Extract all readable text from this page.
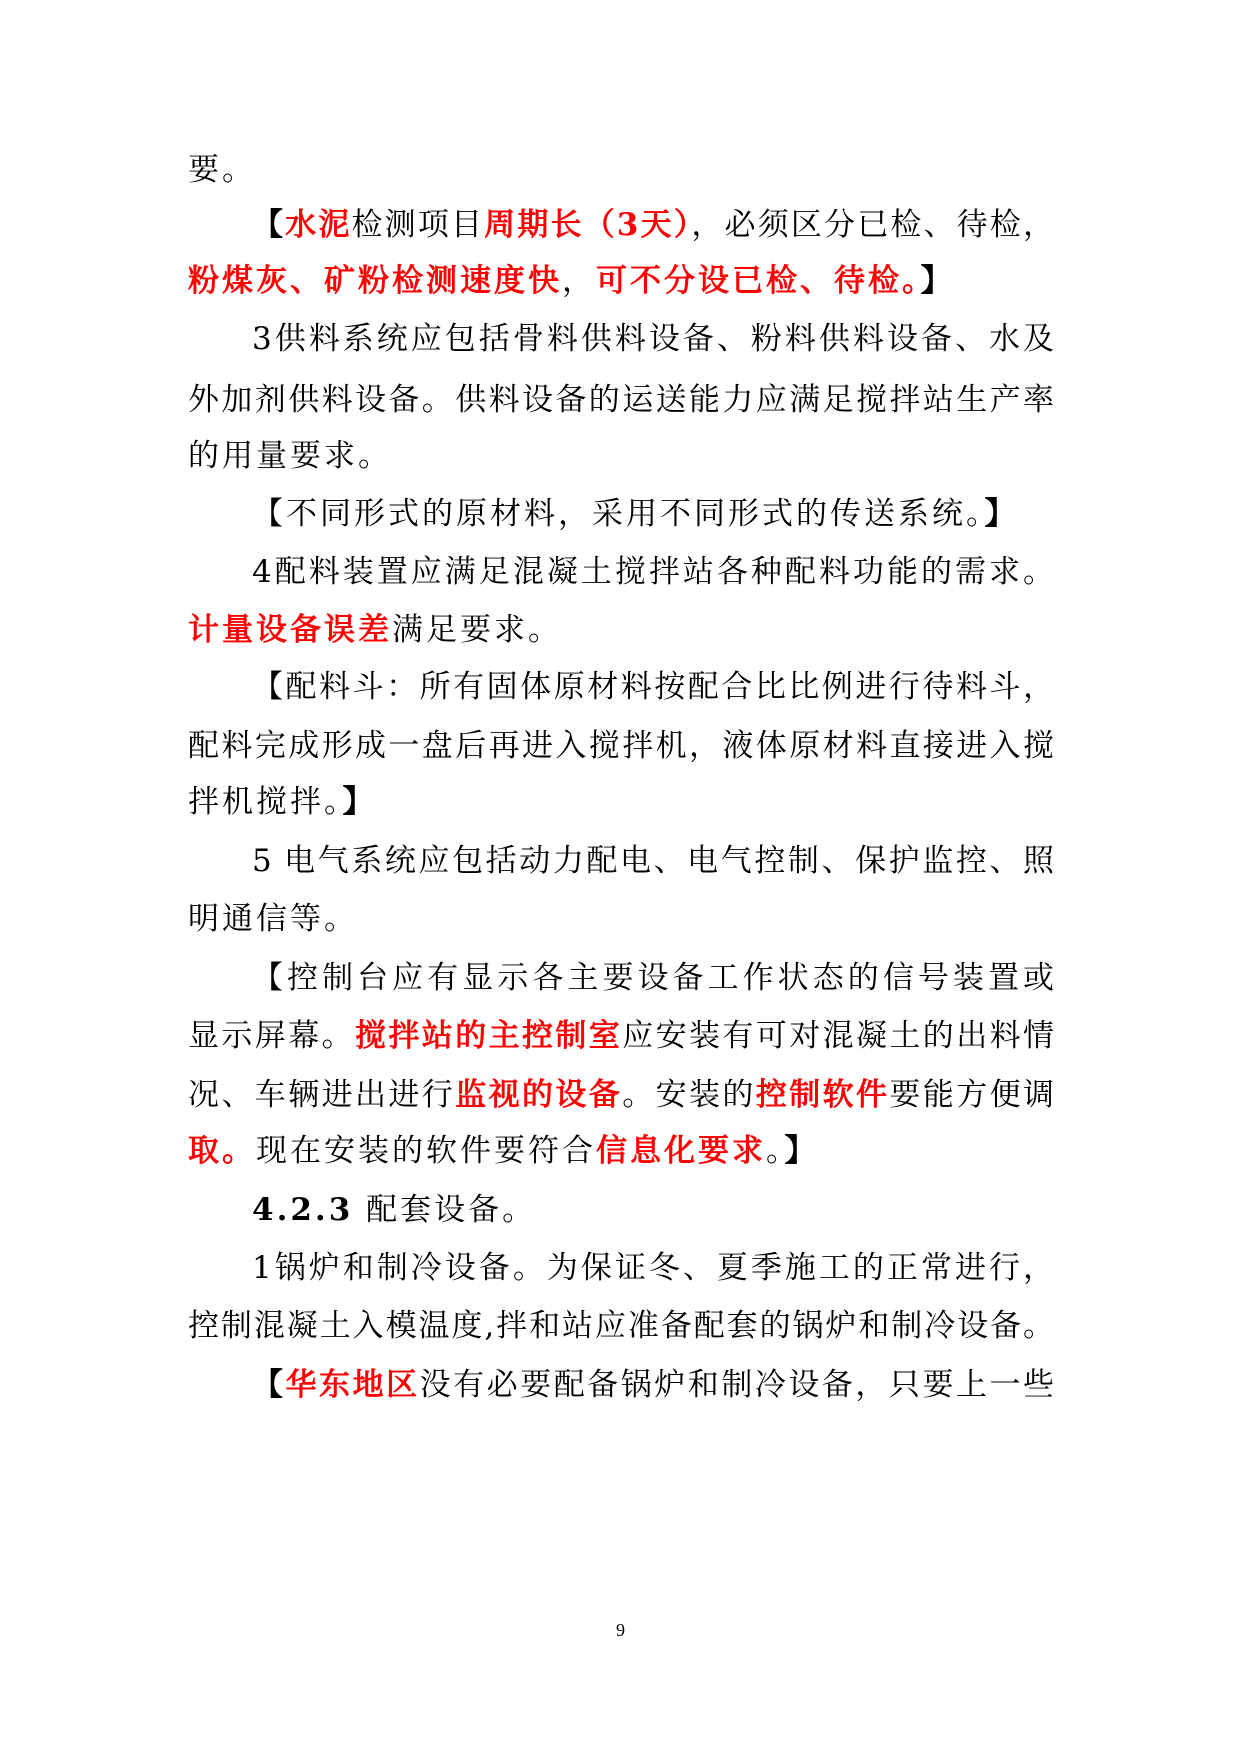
要。
【水泥检测项目周期长（3天），必须区分已检、待检，
粉煤灰、矿粉检测速度快，可不分设已检、待检。】
3供料系统应包括骨料供料设备、粉料供料设备、水及
外加剂供料设备。供料设备的运送能力应满足搅拌站生产率
的用量要求。
【不同形式的原材料，采用不同形式的传送系统。】
4配料装置应满足混凝土搅拌站各种配料功能的需求。
计量设备误差满足要求。
【配料斗：所有固体原材料按配合比比例进行待料斗，
配料完成形成一盘后再进入搅拌机，液体原材料直接进入搅
拌机搅拌。】
5 电气系统应包括动力配电、电气控制、保护监控、照
明通信等。
【控制台应有显示各主要设备工作状态的信号装置或
显示屏幕。搅拌站的主控制室应安装有可对混凝土的出料情
况、车辆进出进行监视的设备。安装的控制软件要能方便调
取。现在安装的软件要符合信息化要求。】
4.2.3 配套设备。
1锅炉和制冷设备。为保证冬、夏季施工的正常进行，
控制混凝土入模温度,拌和站应准备配套的锅炉和制冷设备。
【华东地区没有必要配备锅炉和制冷设备，只要上一些
9
